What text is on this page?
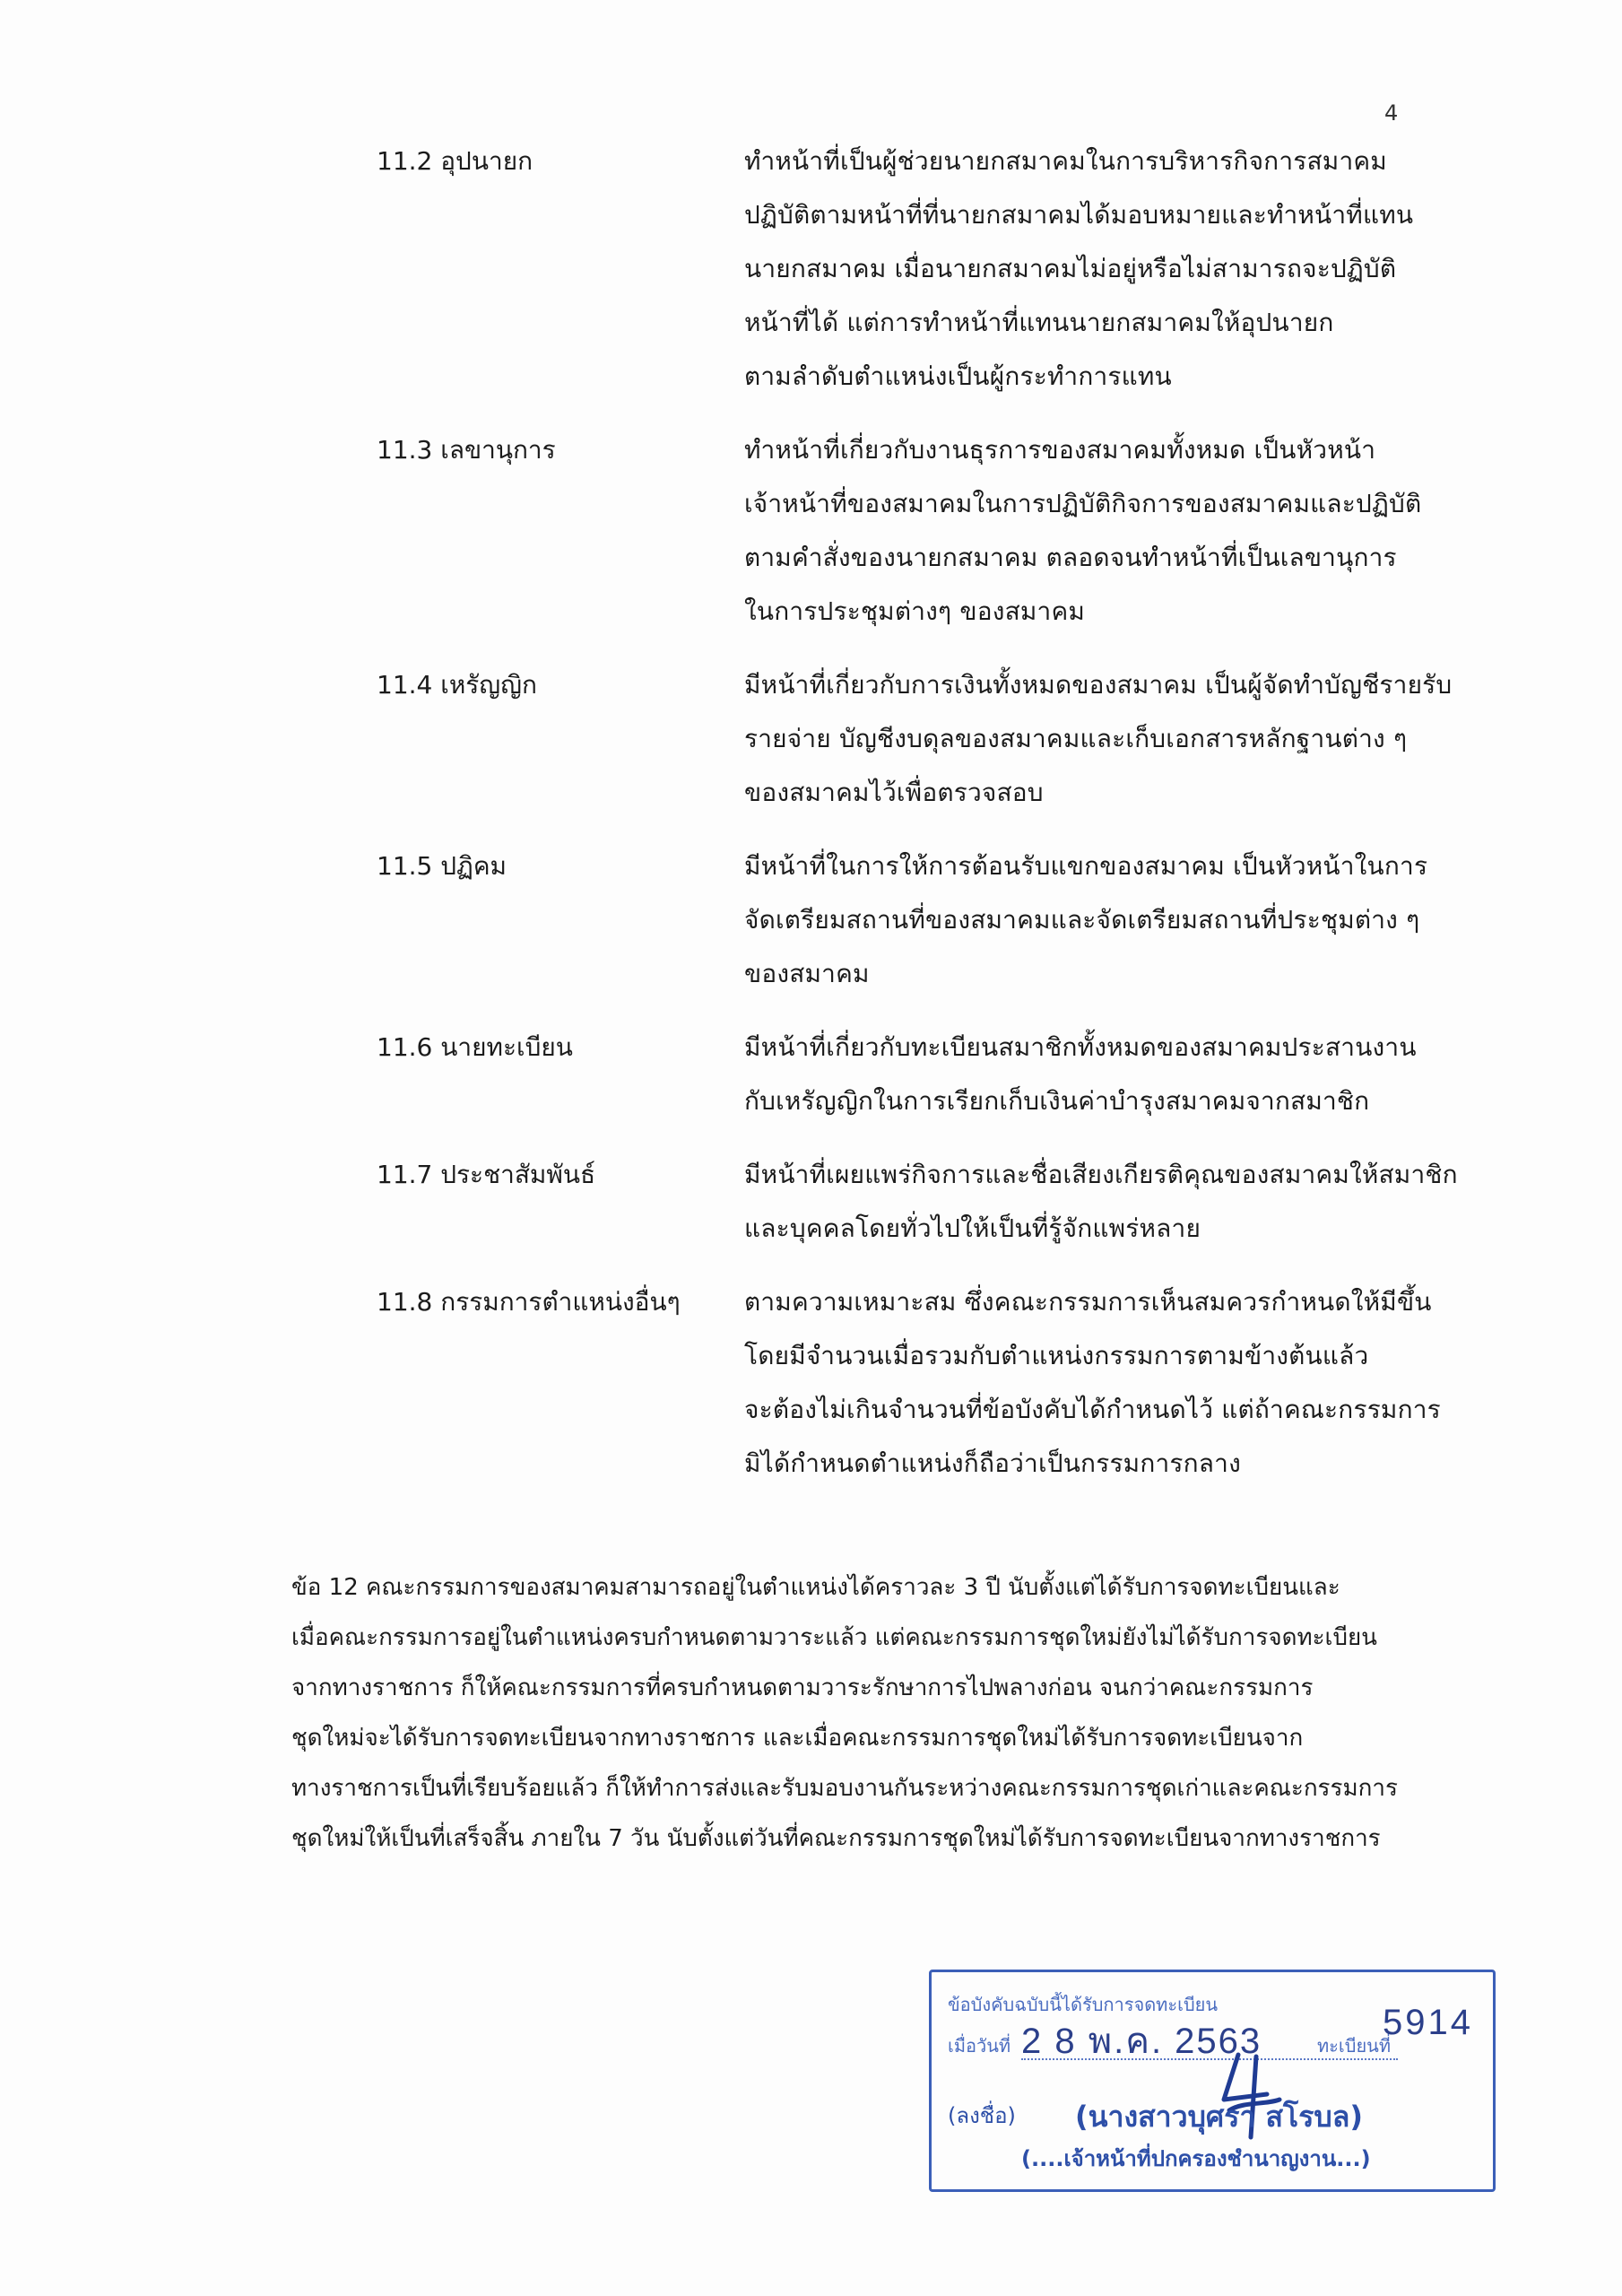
4
11.2 อุปนายก	ทำหน้าที่เป็นผู้ช่วยนายกสมาคมในการบริหารกิจการสมาคม
ปฏิบัติตามหน้าที่ที่นายกสมาคมได้มอบหมายและทำหน้าที่แทน
นายกสมาคม เมื่อนายกสมาคมไม่อยู่หรือไม่สามารถจะปฏิบัติ
หน้าที่ได้ แต่การทำหน้าที่แทนนายกสมาคมให้อุปนายก
ตามลำดับตำแหน่งเป็นผู้กระทำการแทน
11.3 เลขานุการ	ทำหน้าที่เกี่ยวกับงานธุรการของสมาคมทั้งหมด เป็นหัวหน้า
เจ้าหน้าที่ของสมาคมในการปฏิบัติกิจการของสมาคมและปฏิบัติ
ตามคำสั่งของนายกสมาคม ตลอดจนทำหน้าที่เป็นเลขานุการ
ในการประชุมต่างๆ ของสมาคม
11.4 เหรัญญิก	มีหน้าที่เกี่ยวกับการเงินทั้งหมดของสมาคม เป็นผู้จัดทำบัญชีรายรับ
รายจ่าย บัญชีงบดุลของสมาคมและเก็บเอกสารหลักฐานต่าง ๆ
ของสมาคมไว้เพื่อตรวจสอบ
11.5 ปฏิคม	มีหน้าที่ในการให้การต้อนรับแขกของสมาคม เป็นหัวหน้าในการ
จัดเตรียมสถานที่ของสมาคมและจัดเตรียมสถานที่ประชุมต่าง ๆ
ของสมาคม
11.6 นายทะเบียน	มีหน้าที่เกี่ยวกับทะเบียนสมาชิกทั้งหมดของสมาคมประสานงาน
กับเหรัญญิกในการเรียกเก็บเงินค่าบำรุงสมาคมจากสมาชิก
11.7 ประชาสัมพันธ์	มีหน้าที่เผยแพร่กิจการและชื่อเสียงเกียรติคุณของสมาคมให้สมาชิก
และบุคคลโดยทั่วไปให้เป็นที่รู้จักแพร่หลาย
11.8 กรรมการตำแหน่งอื่นๆ	ตามความเหมาะสม ซึ่งคณะกรรมการเห็นสมควรกำหนดให้มีขึ้น
โดยมีจำนวนเมื่อรวมกับตำแหน่งกรรมการตามข้างต้นแล้ว
จะต้องไม่เกินจำนวนที่ข้อบังคับได้กำหนดไว้ แต่ถ้าคณะกรรมการ
มิได้กำหนดตำแหน่งก็ถือว่าเป็นกรรมการกลาง
ข้อ 12 คณะกรรมการของสมาคมสามารถอยู่ในตำแหน่งได้คราวละ 3 ปี นับตั้งแต่ได้รับการจดทะเบียนและ
เมื่อคณะกรรมการอยู่ในตำแหน่งครบกำหนดตามวาระแล้ว แต่คณะกรรมการชุดใหม่ยังไม่ได้รับการจดทะเบียน
จากทางราชการ ก็ให้คณะกรรมการที่ครบกำหนดตามวาระรักษาการไปพลางก่อน จนกว่าคณะกรรมการ
ชุดใหม่จะได้รับการจดทะเบียนจากทางราชการ และเมื่อคณะกรรมการชุดใหม่ได้รับการจดทะเบียนจาก
ทางราชการเป็นที่เรียบร้อยแล้ว ก็ให้ทำการส่งและรับมอบงานกันระหว่างคณะกรรมการชุดเก่าและคณะกรรมการ
ชุดใหม่ให้เป็นที่เสร็จสิ้น ภายใน 7 วัน นับตั้งแต่วันที่คณะกรรมการชุดใหม่ได้รับการจดทะเบียนจากทางราชการ
ข้อบังคับฉบับนี้ได้รับการจดทะเบียน
เมื่อวันที่ 2 8 พ.ค. 2563	ทะเบียนที่
5914
(ลงชื่อ) (นางสาวบุศรา สโรบล)
(....เจ้าหน้าที่ปกครองชำนาญงาน...)
